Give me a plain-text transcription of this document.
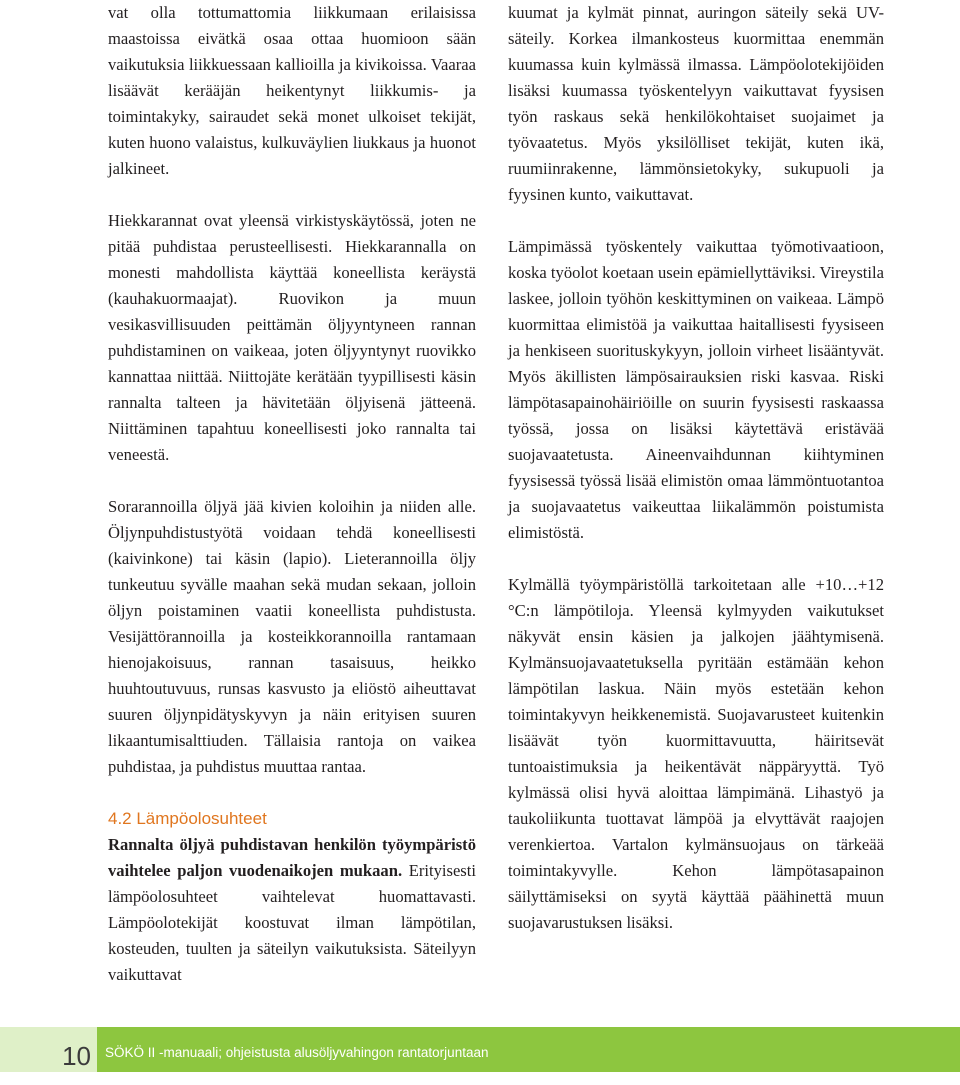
vat olla tottumattomia liikkumaan erilaisissa maastoissa eivätkä osaa ottaa huomioon sään vaikutuksia liikkuessaan kallioilla ja kivikoissa. Vaaraa lisäävät kerääjän heikentynyt liikkumis- ja toimintakyky, sairaudet sekä monet ulkoiset tekijät, kuten huono valaistus, kulkuväylien liukkaus ja huonot jalkineet.

Hiekkarannat ovat yleensä virkistyskäytössä, joten ne pitää puhdistaa perusteellisesti. Hiekkarannalla on monesti mahdollista käyttää koneellista keräystä (kauhakuormaajat). Ruovikon ja muun vesikasvillisuuden peittämän öljyyntyneen rannan puhdistaminen on vaikeaa, joten öljyyntynyt ruovikko kannattaa niittää. Niittojäte kerätään tyypillisesti käsin rannalta talteen ja hävitetään öljyisenä jätteenä. Niittäminen tapahtuu koneellisesti joko rannalta tai veneestä.

Sorarannoilla öljyä jää kivien koloihin ja niiden alle. Öljynpuhdistustyötä voidaan tehdä koneellisesti (kaivinkone) tai käsin (lapio). Lieterannoilla öljy tunkeutuu syvälle maahan sekä mudan sekaan, jolloin öljyn poistaminen vaatii koneellista puhdistusta. Vesijättörannoilla ja kosteikkorannoilla rantamaan hienojakoisuus, rannan tasaisuus, heikko huuhtoutuvuus, runsas kasvusto ja eliöstö aiheuttavat suuren öljynpidätyskyvyn ja näin erityisen suuren likaantumisalttiuden. Tällaisia rantoja on vaikea puhdistaa, ja puhdistus muuttaa rantaa.

4.2 Lämpöolosuhteet

Rannalta öljyä puhdistavan henkilön työympäristö vaihtelee paljon vuodenaikojen mukaan. Erityisesti lämpöolosuhteet vaihtelevat huomattavasti. Lämpöolotekijät koostuvat ilman lämpötilan, kosteuden, tuulten ja säteilyn vaikutuksista. Säteilyyn vaikuttavat

kuumat ja kylmät pinnat, auringon säteily sekä UV-säteily. Korkea ilmankosteus kuormittaa enemmän kuumassa kuin kylmässä ilmassa. Lämpöolotekijöiden lisäksi kuumassa työskentelyyn vaikuttavat fyysisen työn raskaus sekä henkilökohtaiset suojaimet ja työvaatetus. Myös yksilölliset tekijät, kuten ikä, ruumiinrakenne, lämmönsietokyky, sukupuoli ja fyysinen kunto, vaikuttavat.

Lämpimässä työskentely vaikuttaa työmotivaatioon, koska työolot koetaan usein epämiellyttäviksi. Vireystila laskee, jolloin työhön keskittyminen on vaikeaa. Lämpö kuormittaa elimistöä ja vaikuttaa haitallisesti fyysiseen ja henkiseen suorituskykyyn, jolloin virheet lisääntyvät. Myös äkillisten lämpösairauksien riski kasvaa. Riski lämpötasapainohäiriöille on suurin fyysisesti raskaassa työssä, jossa on lisäksi käytettävä eristävää suojavaatetusta. Aineenvaihdunnan kiihtyminen fyysisessä työssä lisää elimistön omaa lämmöntuotantoa ja suojavaatetus vaikeuttaa liikalämmön poistumista elimistöstä.

Kylmällä työympäristöllä tarkoitetaan alle +10…+12 °C:n lämpötiloja. Yleensä kylmyyden vaikutukset näkyvät ensin käsien ja jalkojen jäähtymisenä. Kylmänsuojavaatetuksella pyritään estämään kehon lämpötilan laskua. Näin myös estetään kehon toimintakyvyn heikkenemistä. Suojavarusteet kuitenkin lisäävät työn kuormittavuutta, häiritsevät tuntoaistimuksia ja heikentävät näppäryyttä. Työ kylmässä olisi hyvä aloittaa lämpimänä. Lihastyö ja taukoliikunta tuottavat lämpöä ja elvyttävät raajojen verenkiertoa. Vartalon kylmänsuojaus on tärkeää toimintakyvylle. Kehon lämpötasapainon säilyttämiseksi on syytä käyttää päähinettä muun suojavarustuksen lisäksi.

10	SÖKÖ II -manuaali; ohjeistusta alusöljyvahingon rantatorjuntaan
